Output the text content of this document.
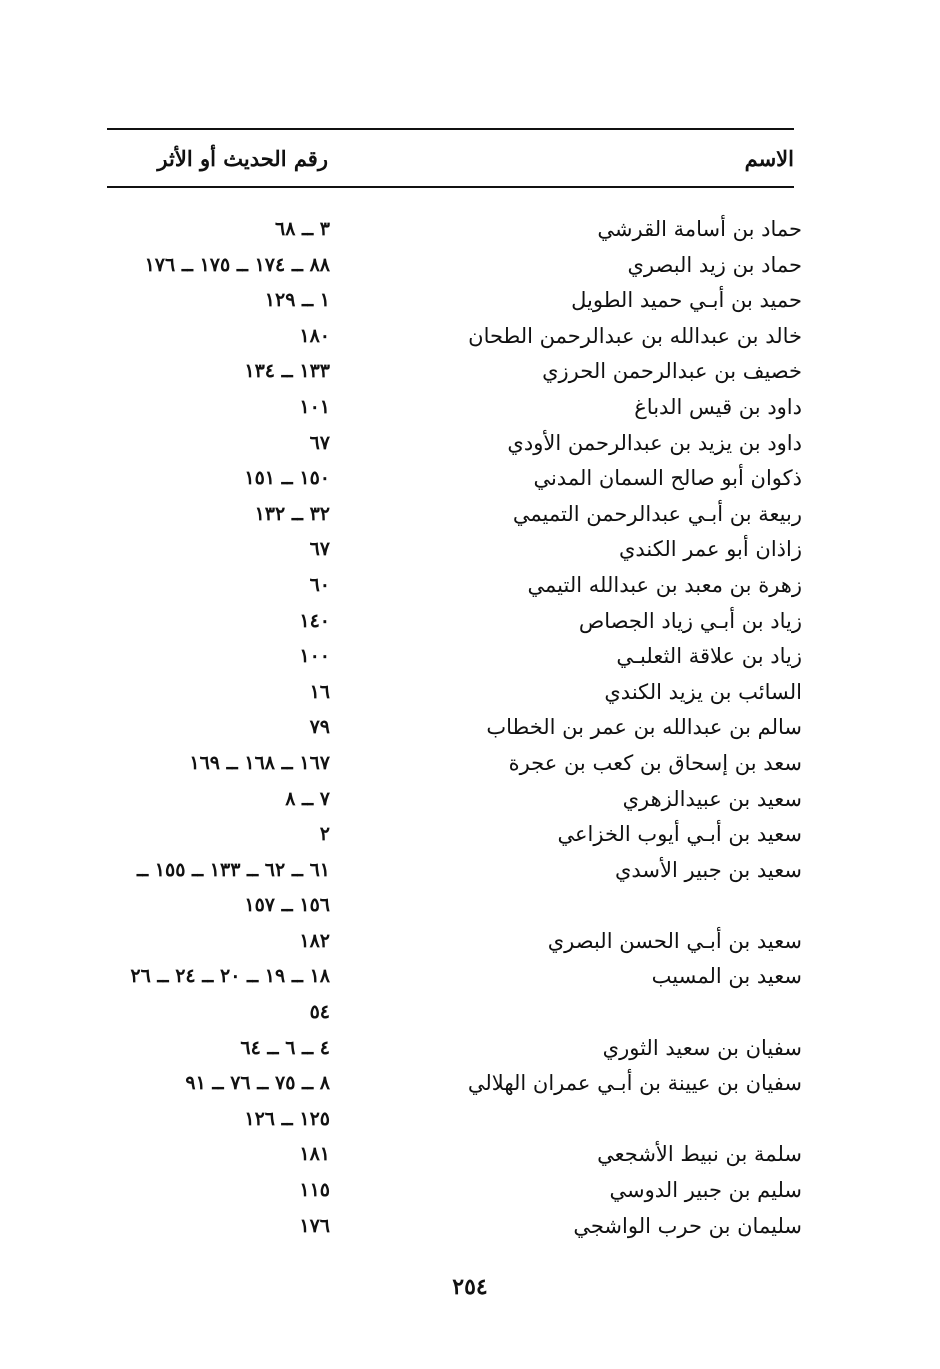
الاسم
رقم الحديث أو الأثر
حماد بن أسامة القرشي
٣ ــ ٦٨
حماد بن زيد البصري
٨٨ ــ ١٧٤ ــ ١٧٥ ــ ١٧٦
حميد بن أبـي حميد الطويل
١ ــ ١٢٩
خالد بن عبدالله بن عبدالرحمن الطحان
١٨٠
خصيف بن عبدالرحمن الحرزي
١٣٣ ــ ١٣٤
داود بن قيس الدباغ
١٠١
داود بن يزيد بن عبدالرحمن الأودي
٦٧
ذكوان أبو صالح السمان المدني
١٥٠ ــ ١٥١
ربيعة بن أبـي عبدالرحمن التميمي
٣٢ ــ ١٣٢
زاذان أبو عمر الكندي
٦٧
زهرة بن معبد بن عبدالله التيمي
٦٠
زياد بن أبـي زياد الجصاص
١٤٠
زياد بن علاقة الثعلبـي
١٠٠
السائب بن يزيد الكندي
١٦
سالم بن عبدالله بن عمر بن الخطاب
٧٩
سعد بن إسحاق بن كعب بن عجرة
١٦٧ ــ ١٦٨ ــ ١٦٩
سعيد بن عبيدالزهري
٧ ــ ٨
سعيد بن أبـي أيوب الخزاعي
٢
سعيد بن جبير الأسدي
٦١ ــ ٦٢ ــ ١٣٣ ــ ١٥٥ ــ
١٥٦ ــ ١٥٧
سعيد بن أبـي الحسن البصري
١٨٢
سعيد بن المسيب
١٨ ــ ١٩ ــ ٢٠ ــ ٢٤ ــ ٢٦
٥٤
سفيان بن سعيد الثوري
٤ ــ ٦ ــ ٦٤
سفيان بن عيينة بن أبـي عمران الهلالي
٨ ــ ٧٥ ــ ٧٦ ــ ٩١
١٢٥ ــ ١٢٦
سلمة بن نبيط الأشجعي
١٨١
سليم بن جبير الدوسي
١١٥
سليمان بن حرب الواشجي
١٧٦
٢٥٤
